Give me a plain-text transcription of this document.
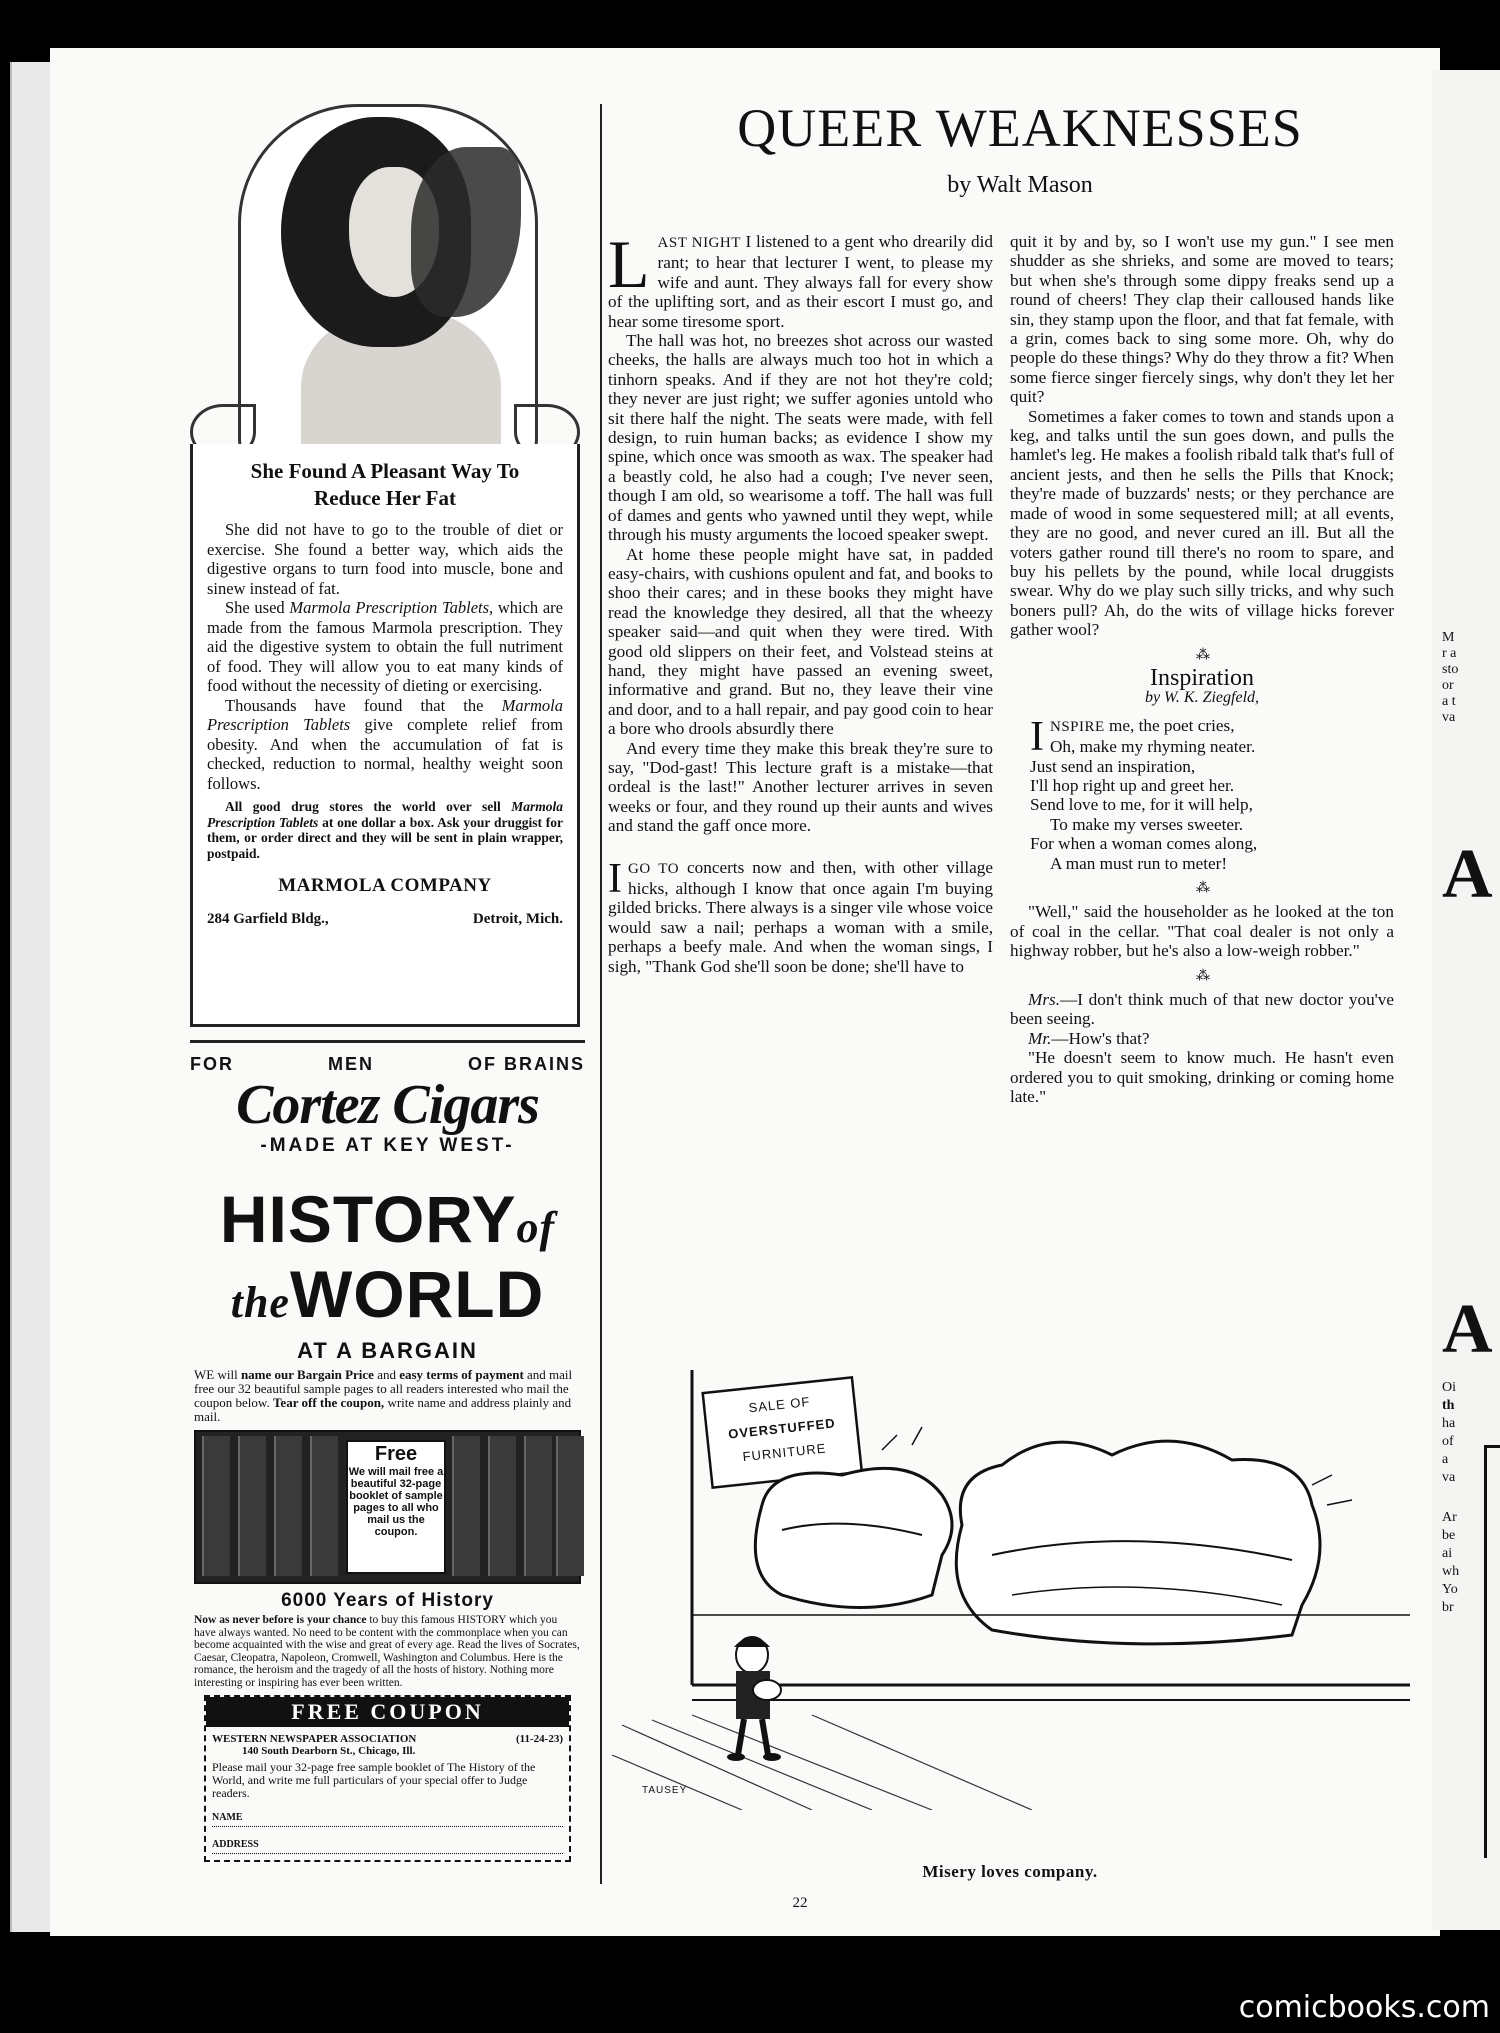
M
r a
sto
or
a t
va
A
A
Oi
th
ha
of
a
va
Ar
be
ai
wh
Yo
br
She Found A Pleasant Way To
Reduce Her Fat

She did not have to go to the trouble of diet or exercise. She found a better way, which aids the digestive organs to turn food into muscle, bone and sinew instead of fat.

She used Marmola Prescription Tablets, which are made from the famous Marmola prescription. They aid the digestive system to obtain the full nutriment of food. They will allow you to eat many kinds of food without the necessity of dieting or exercising.

Thousands have found that the Marmola Prescription Tablets give complete relief from obesity. And when the accumulation of fat is checked, reduction to normal, healthy weight soon follows.

All good drug stores the world over sell Marmola Prescription Tablets at one dollar a box. Ask your druggist for them, or order direct and they will be sent in plain wrapper, postpaid.

MARMOLA COMPANY
284 Garfield Bldg.,	Detroit, Mich.
FOR	MEN	OF BRAINS
Cortez Cigars
-MADE AT KEY WEST-
HISTORYof
theWORLD
AT A BARGAIN
WE will name our Bargain Price and easy terms of payment and mail free our 32 beautiful sample pages to all readers interested who mail the coupon below. Tear off the coupon, write name and address plainly and mail.
Free
We will mail free a beautiful 32-page booklet of sample pages to all who mail us the coupon.
6000 Years of History
Now as never before is your chance to buy this famous HISTORY which you have always wanted. No need to be content with the commonplace when you can become acquainted with the wise and great of every age. Read the lives of Socrates, Caesar, Cleopatra, Napoleon, Cromwell, Washington and Columbus. Here is the romance, the heroism and the tragedy of all the hosts of history. Nothing more interesting or inspiring has ever been written.
FREE COUPON
WESTERN NEWSPAPER ASSOCIATION	(11-24-23)
140 South Dearborn St., Chicago, Ill.
Please mail your 32-page free sample booklet of The History of the World, and write me full particulars of your special offer to Judge readers.
NAME
ADDRESS
QUEER WEAKNESSES
by Walt Mason

LAST NIGHT I listened to a gent who drearily did rant; to hear that lecturer I went, to please my wife and aunt. They always fall for every show of the uplifting sort, and as their escort I must go, and hear some tiresome sport.

The hall was hot, no breezes shot across our wasted cheeks, the halls are always much too hot in which a tinhorn speaks. And if they are not hot they're cold; they never are just right; we suffer agonies untold who sit there half the night. The seats were made, with fell design, to ruin human backs; as evidence I show my spine, which once was smooth as wax. The speaker had a beastly cold, he also had a cough; I've never seen, though I am old, so wearisome a toff. The hall was full of dames and gents who yawned until they wept, while through his musty arguments the locoed speaker swept.

At home these people might have sat, in padded easy-chairs, with cushions opulent and fat, and books to shoo their cares; and in these books they might have read the knowledge they desired, all that the wheezy speaker said—and quit when they were tired. With good old slippers on their feet, and Volstead steins at hand, they might have passed an evening sweet, informative and grand. But no, they leave their vine and door, and to a hall repair, and pay good coin to hear a bore who drools absurdly there

And every time they make this break they're sure to say, "Dod-gast! This lecture graft is a mistake—that ordeal is the last!" Another lecturer arrives in seven weeks or four, and they round up their aunts and wives and stand the gaff once more.

IGO TO concerts now and then, with other village hicks, although I know that once again I'm buying gilded bricks. There always is a singer vile whose voice would saw a nail; perhaps a woman with a smile, perhaps a beefy male. And when the woman sings, I sigh, "Thank God she'll soon be done; she'll have to

quit it by and by, so I won't use my gun." I see men shudder as she shrieks, and some are moved to tears; but when she's through some dippy freaks send up a round of cheers! They clap their calloused hands like sin, they stamp upon the floor, and that fat female, with a grin, comes back to sing some more. Oh, why do people do these things? Why do they throw a fit? When some fierce singer fiercely sings, why don't they let her quit?

Sometimes a faker comes to town and stands upon a keg, and talks until the sun goes down, and pulls the hamlet's leg. He makes a foolish ribald talk that's full of ancient jests, and then he sells the Pills that Knock; they're made of buzzards' nests; or they perchance are made of wood in some sequestered mill; at all events, they are no good, and never cured an ill. But all the voters gather round till there's no room to spare, and buy his pellets by the pound, while local druggists swear. Why do we play such silly tricks, and why such boners pull? Ah, do the wits of village hicks forever gather wool?

⁂
Inspiration
by W. K. Ziegfeld,
INSPIRE me, the poet cries,
Oh, make my rhyming neater.
Just send an inspiration,
I'll hop right up and greet her.
Send love to me, for it will help,
To make my verses sweeter.
For when a woman comes along,
A man must run to meter!
⁂

"Well," said the householder as he looked at the ton of coal in the cellar. "That coal dealer is not only a highway robber, but he's also a low-weigh robber."

⁂

Mrs.—I don't think much of that new doctor you've been seeing.

Mr.—How's that?

"He doesn't seem to know much. He hasn't even ordered you to quit smoking, drinking or coming home late."

SALE OF
OVERSTUFFED
FURNITURE
TAUSEY
Misery loves company.
22
comicbooks.com
